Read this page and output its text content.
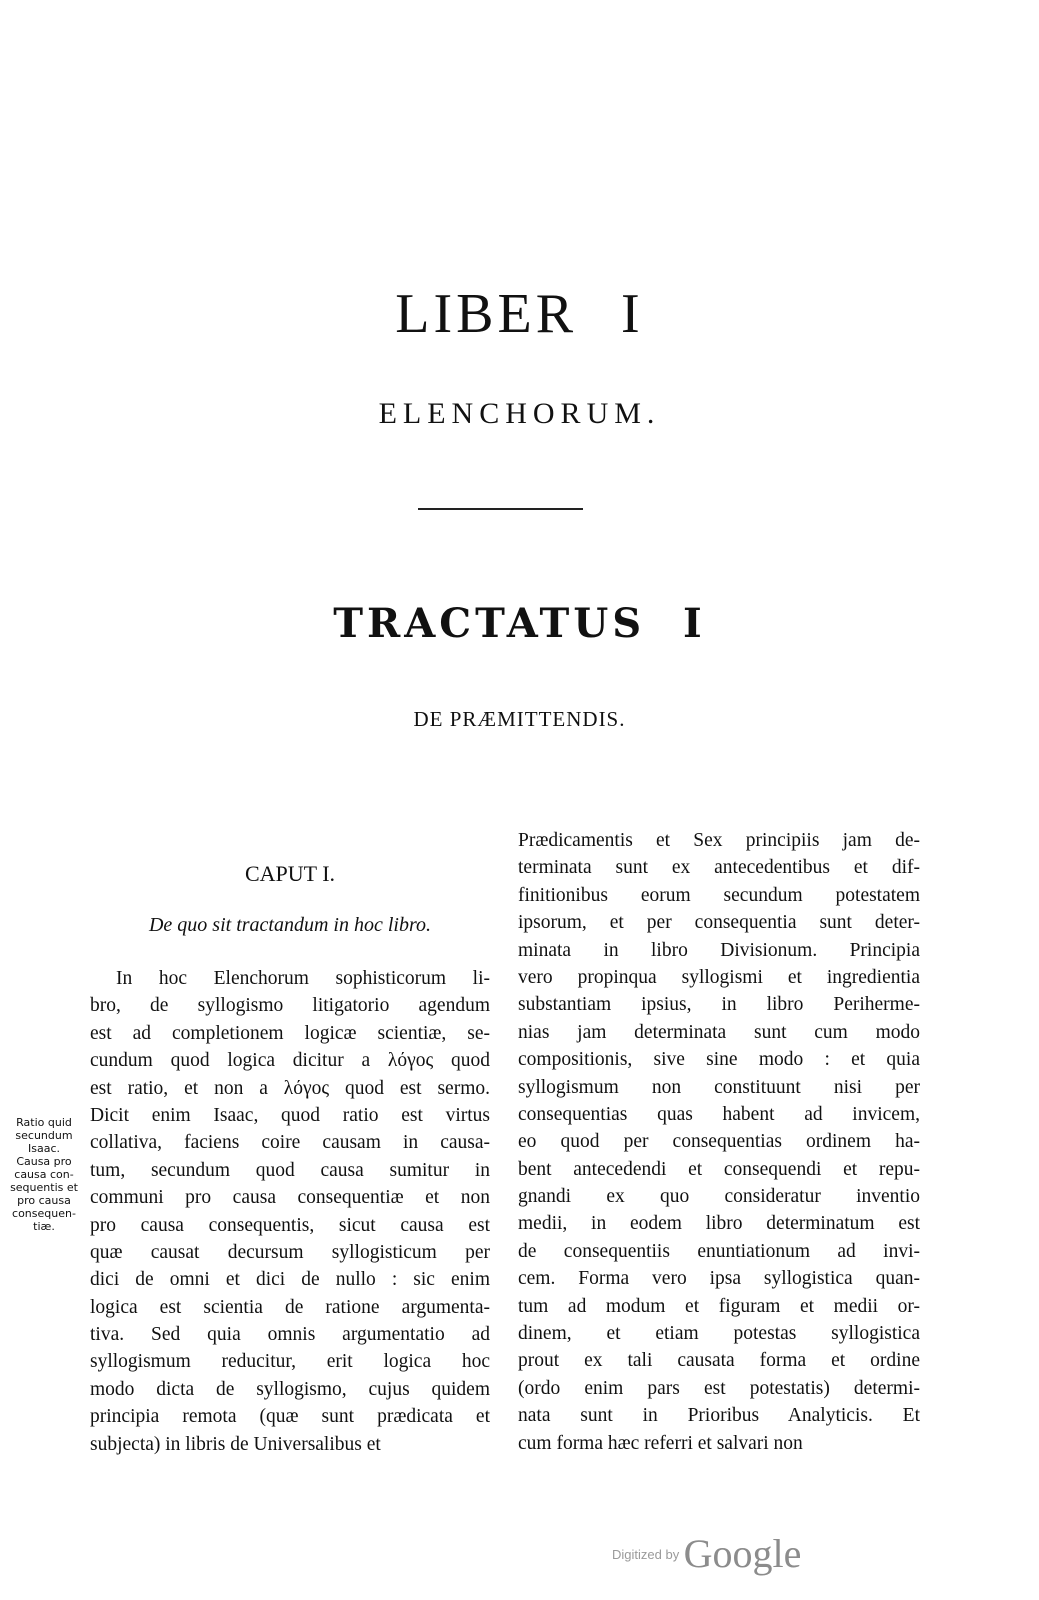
LIBER I
ELENCHORUM.
TRACTATUS I
DE PRÆMITTENDIS.
CAPUT I.
De quo sit tractandum in hoc libro.
In hoc Elenchorum sophisticorum li-
bro, de syllogismo litigatorio agendum
est ad completionem logicæ scientiæ, se-
cundum quod logica dicitur a λόγος quod
est ratio, et non a λόγος quod est sermo.
Dicit enim Isaac, quod ratio est virtus
collativa, faciens coire causam in causa-
tum, secundum quod causa sumitur in
communi pro causa consequentiæ et non
pro causa consequentis, sicut causa est
quæ causat decursum syllogisticum per
dici de omni et dici de nullo : sic enim
logica est scientia de ratione argumenta-
tiva. Sed quia omnis argumentatio ad
syllogismum reducitur, erit logica hoc
modo dicta de syllogismo, cujus quidem
principia remota (quæ sunt prædicata et
subjecta) in libris de Universalibus et
Prædicamentis et Sex principiis jam de-
terminata sunt ex antecedentibus et dif-
finitionibus eorum secundum potestatem
ipsorum, et per consequentia sunt deter-
minata in libro Divisionum. Principia
vero propinqua syllogismi et ingredientia
substantiam ipsius, in libro Perihermе-
nias jam determinata sunt cum modo
compositionis, sive sine modo : et quia
syllogismum non constituunt nisi per
consequentias quas habent ad invicem,
eo quod per consequentias ordinem ha-
bent antecedendi et consequendi et repu-
gnandi ex quo consideratur inventio
medii, in eodem libro determinatum est
de consequentiis enuntiationum ad invi-
cem. Forma vero ipsa syllogistica quan-
tum ad modum et figuram et medii or-
dinem, et etiam potestas syllogistica
prout ex tali causata forma et ordine
(ordo enim pars est potestatis) determi-
nata sunt in Prioribus Analyticis. Et
cum forma hæc referri et salvari non
Ratio quid
secundum
Isaac.
Causa pro
causa con-
sequentis et
pro causa
consequen-
tiæ.
$^{Digitized by}$ Google
